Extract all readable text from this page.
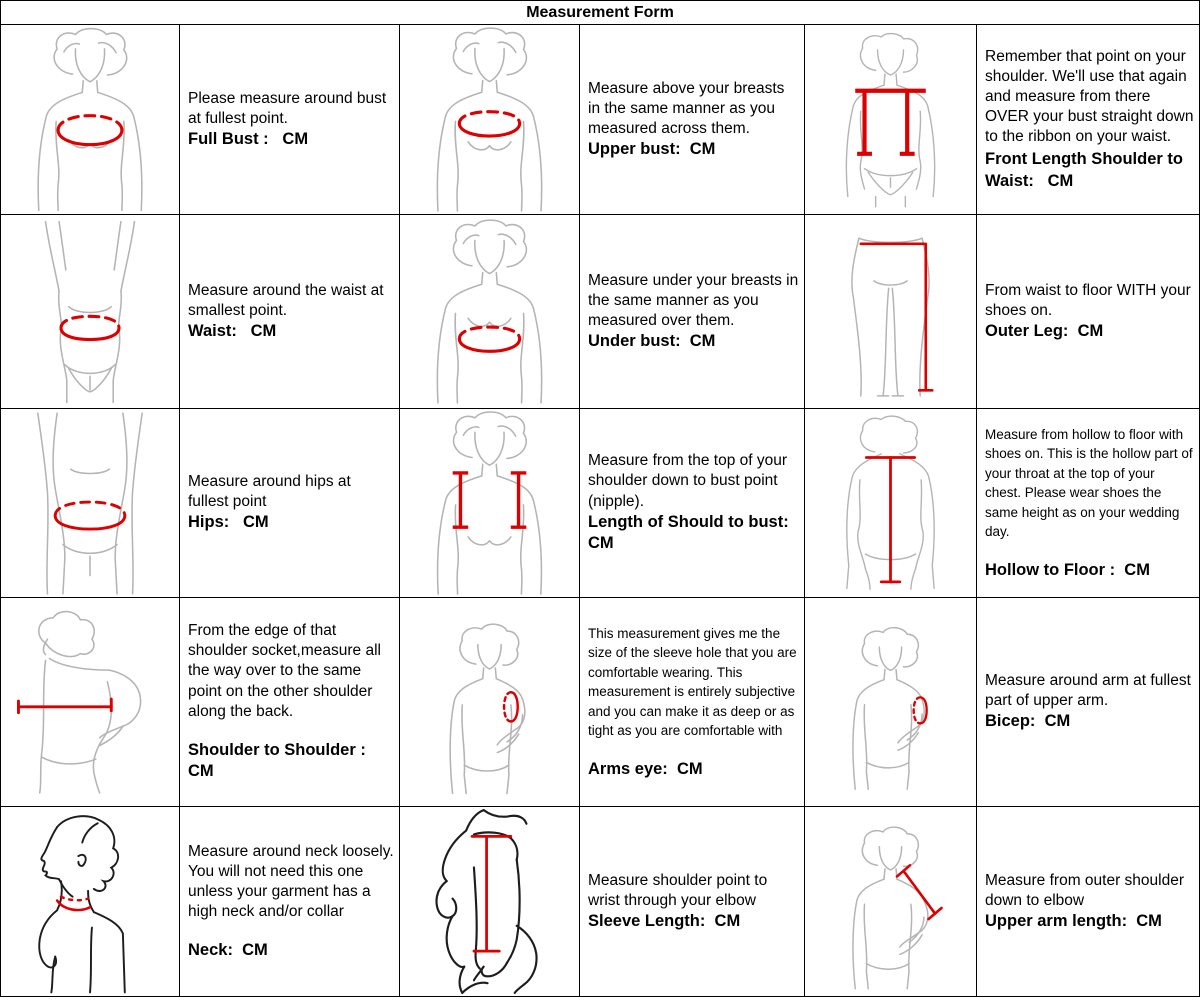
Measurement Form

Please measure around bust at fullest point.

Full Bust :   CM

Measure above your breasts in the same manner as you measured across them.

Upper bust:  CM

Remember that point on your shoulder. We'll use that again and measure from there OVER your bust straight down to the ribbon on your waist.

Front Length Shoulder to Waist:   CM

Measure around the waist at smallest point.

Waist:   CM

Measure under your breasts in the same manner as you measured over them.

Under bust:  CM

From waist to floor WITH your shoes on.

Outer Leg:  CM

Measure around hips at fullest point

Hips:   CM

Measure from the top of your shoulder down to bust point (nipple).

Length of Should to bust:  CM

Measure from hollow to floor with shoes on. This is the hollow part of your throat at the top of your chest. Please wear shoes the same height as on your wedding day.

Hollow to Floor :  CM

From the edge of that shoulder socket,measure all the way over to the same point on the other shoulder along the back.

Shoulder to Shoulder : CM

This measurement gives me the size of the sleeve hole that you are comfortable wearing. This measurement is entirely subjective and you can make it as deep or as tight as you are comfortable with

Arms eye:  CM

Measure around arm at fullest part of upper arm.

Bicep:  CM

Measure around neck loosely. You will not need this one unless your garment has a high neck and/or collar

Neck:  CM

Measure shoulder point to wrist through your elbow

Sleeve Length:  CM

Measure from outer shoulder down to elbow

Upper arm length:  CM
